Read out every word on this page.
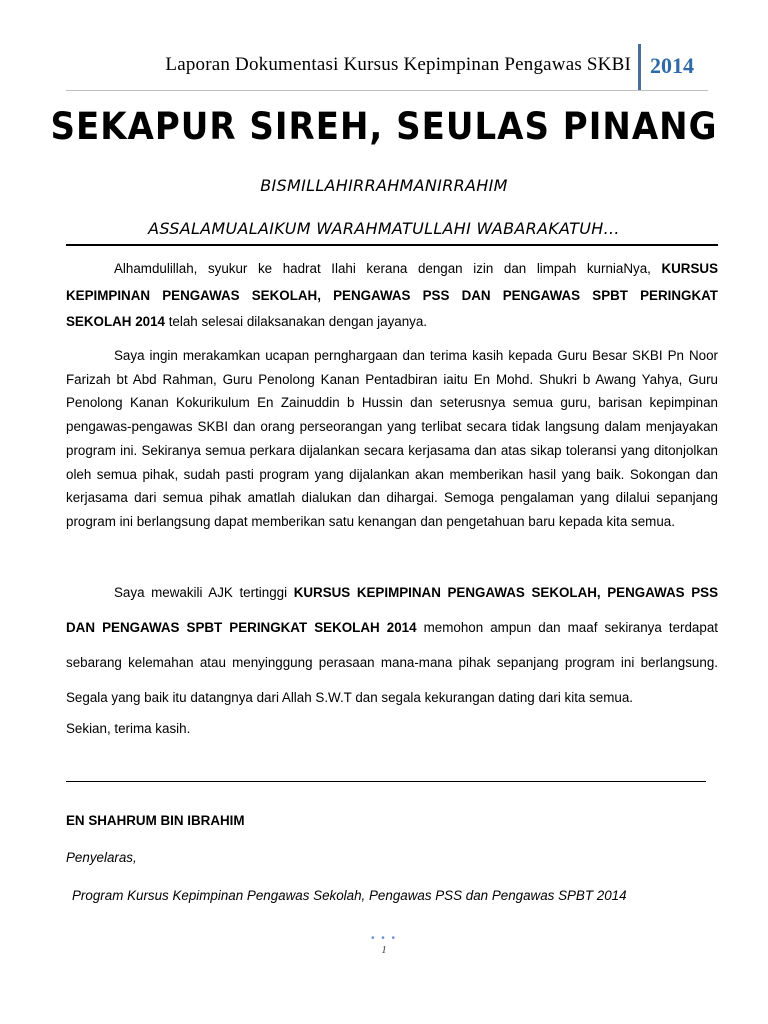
Laporan Dokumentasi Kursus Kepimpinan Pengawas SKBI 2014
SEKAPUR SIREH, SEULAS PINANG
BISMILLAHIRRAHMANIRRAHIM
ASSALAMUALAIKUM WARAHMATULLAHI WABARAKATUH…
Alhamdulillah, syukur ke hadrat Ilahi kerana dengan izin dan limpah kurniaNya, KURSUS KEPIMPINAN PENGAWAS SEKOLAH, PENGAWAS PSS DAN PENGAWAS SPBT PERINGKAT SEKOLAH 2014 telah selesai dilaksanakan dengan jayanya.
Saya ingin merakamkan ucapan pernghargaan dan terima kasih kepada Guru Besar SKBI Pn Noor Farizah bt Abd Rahman, Guru Penolong Kanan Pentadbiran iaitu En Mohd. Shukri b Awang Yahya, Guru Penolong Kanan Kokurikulum En Zainuddin b Hussin dan seterusnya semua guru, barisan kepimpinan pengawas-pengawas SKBI dan orang perseorangan yang terlibat secara tidak langsung dalam menjayakan program ini. Sekiranya semua perkara dijalankan secara kerjasama dan atas sikap toleransi yang ditonjolkan oleh semua pihak, sudah pasti program yang dijalankan akan memberikan hasil yang baik. Sokongan dan kerjasama dari semua pihak amatlah dialukan dan dihargai. Semoga pengalaman yang dilalui sepanjang program ini berlangsung dapat memberikan satu kenangan dan pengetahuan baru kepada kita semua.
Saya mewakili AJK tertinggi KURSUS KEPIMPINAN PENGAWAS SEKOLAH, PENGAWAS PSS DAN PENGAWAS SPBT PERINGKAT SEKOLAH 2014 memohon ampun dan maaf sekiranya terdapat sebarang kelemahan atau menyinggung perasaan mana-mana pihak sepanjang program ini berlangsung. Segala yang baik itu datangnya dari Allah S.W.T dan segala kekurangan dating dari kita semua.
Sekian, terima kasih.
EN SHAHRUM BIN IBRAHIM
Penyelaras,
Program Kursus Kepimpinan Pengawas Sekolah, Pengawas PSS dan Pengawas SPBT 2014
• • •
1
